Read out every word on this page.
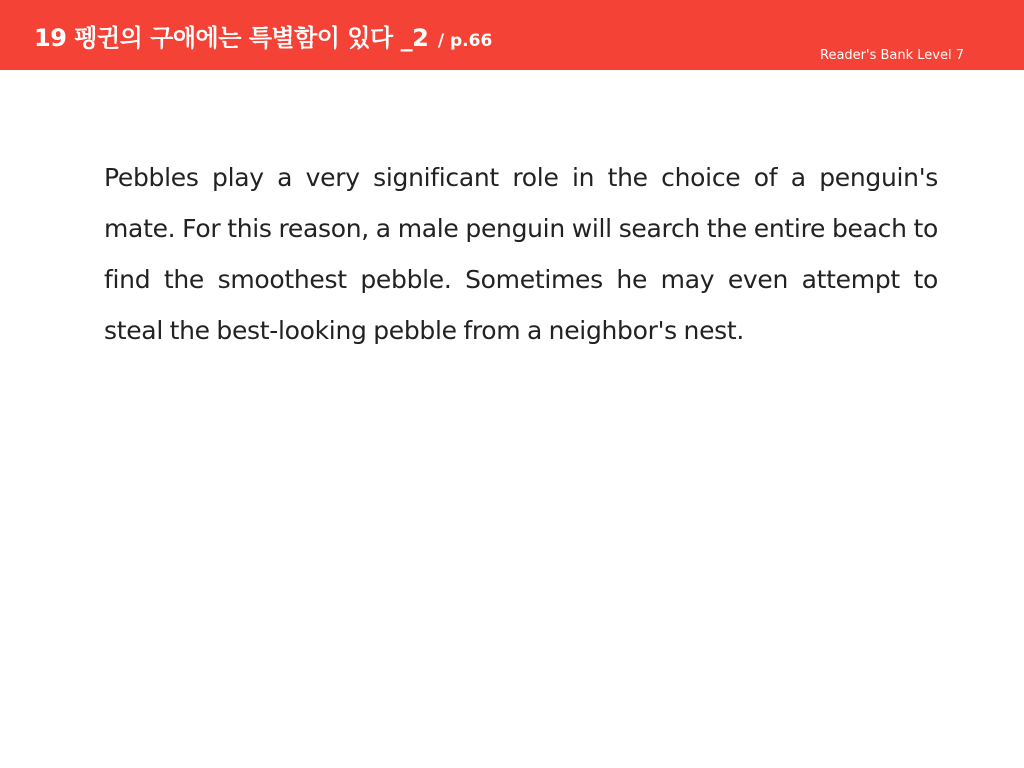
19 펭귄의 구애에는 특별함이 있다 _2 / p.66
Reader's Bank Level 7

Pebbles play a very significant role in the choice of a penguin's mate. For this reason, a male penguin will search the entire beach to find the smoothest pebble. Sometimes he may even attempt to steal the best-looking pebble from a neighbor's nest.
